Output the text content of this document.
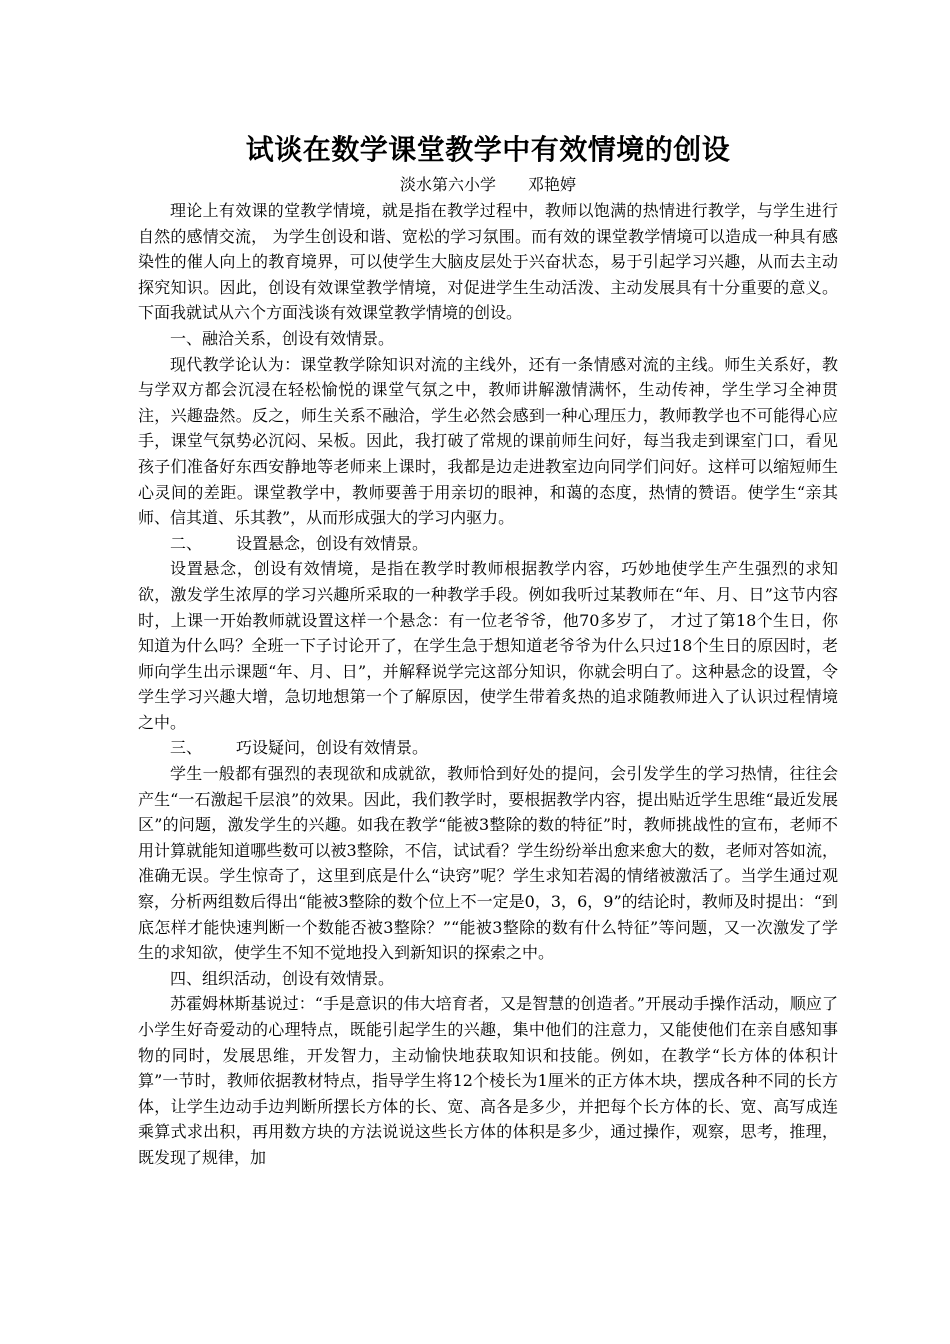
试谈在数学课堂教学中有效情境的创设

淡水第六小学 邓艳婷

理论上有效课的堂教学情境，就是指在教学过程中，教师以饱满的热情进行教学，与学生进行自然的感情交流， 为学生创设和谐、宽松的学习氛围。而有效的课堂教学情境可以造成一种具有感染性的催人向上的教育境界，可以使学生大脑皮层处于兴奋状态，易于引起学习兴趣，从而去主动探究知识。因此，创设有效课堂教学情境，对促进学生生动活泼、主动发展具有十分重要的意义。下面我就试从六个方面浅谈有效课堂教学情境的创设。

一、融洽关系，创设有效情景。

现代教学论认为：课堂教学除知识对流的主线外，还有一条情感对流的主线。师生关系好，教与学双方都会沉浸在轻松愉悦的课堂气氛之中，教师讲解激情满怀，生动传神，学生学习全神贯注，兴趣盎然。反之，师生关系不融洽，学生必然会感到一种心理压力，教师教学也不可能得心应手，课堂气氛势必沉闷、呆板。因此，我打破了常规的课前师生问好，每当我走到课室门口，看见孩子们准备好东西安静地等老师来上课时，我都是边走进教室边向同学们问好。这样可以缩短师生心灵间的差距。课堂教学中，教师要善于用亲切的眼神，和蔼的态度，热情的赞语。使学生“亲其师、信其道、乐其教”，从而形成强大的学习内驱力。

二、 设置悬念，创设有效情景。

设置悬念，创设有效情境，是指在教学时教师根据教学内容，巧妙地使学生产生强烈的求知欲，激发学生浓厚的学习兴趣所采取的一种教学手段。例如我听过某教师在“年、月、日”这节内容时，上课一开始教师就设置这样一个悬念：有一位老爷爷，他70多岁了， 才过了第18个生日，你知道为什么吗？全班一下子讨论开了，在学生急于想知道老爷爷为什么只过18个生日的原因时，老师向学生出示课题“年、月、日”，并解释说学完这部分知识，你就会明白了。这种悬念的设置，令学生学习兴趣大增，急切地想第一个了解原因，使学生带着炙热的追求随教师进入了认识过程情境之中。

三、 巧设疑问，创设有效情景。

学生一般都有强烈的表现欲和成就欲，教师恰到好处的提问，会引发学生的学习热情，往往会产生“一石激起千层浪”的效果。因此，我们教学时，要根据教学内容，提出贴近学生思维“最近发展区”的问题，激发学生的兴趣。如我在教学“能被3整除的数的特征”时，教师挑战性的宣布，老师不用计算就能知道哪些数可以被3整除，不信，试试看？学生纷纷举出愈来愈大的数，老师对答如流，准确无误。学生惊奇了，这里到底是什么“诀窍”呢？学生求知若渴的情绪被激活了。当学生通过观察，分析两组数后得出“能被3整除的数个位上不一定是0，3，6，9”的结论时，教师及时提出：“到底怎样才能快速判断一个数能否被3整除？”“能被3整除的数有什么特征”等问题，又一次激发了学生的求知欲，使学生不知不觉地投入到新知识的探索之中。

四、组织活动，创设有效情景。

苏霍姆林斯基说过：“手是意识的伟大培育者，又是智慧的创造者。”开展动手操作活动，顺应了小学生好奇爱动的心理特点，既能引起学生的兴趣，集中他们的注意力，又能使他们在亲自感知事物的同时，发展思维，开发智力，主动愉快地获取知识和技能。例如，在教学“长方体的体积计算”一节时，教师依据教材特点，指导学生将12个棱长为1厘米的正方体木块，摆成各种不同的长方体，让学生边动手边判断所摆长方体的长、宽、高各是多少，并把每个长方体的长、宽、高写成连乘算式求出积，再用数方块的方法说说这些长方体的体积是多少，通过操作，观察，思考，推理，既发现了规律，加
